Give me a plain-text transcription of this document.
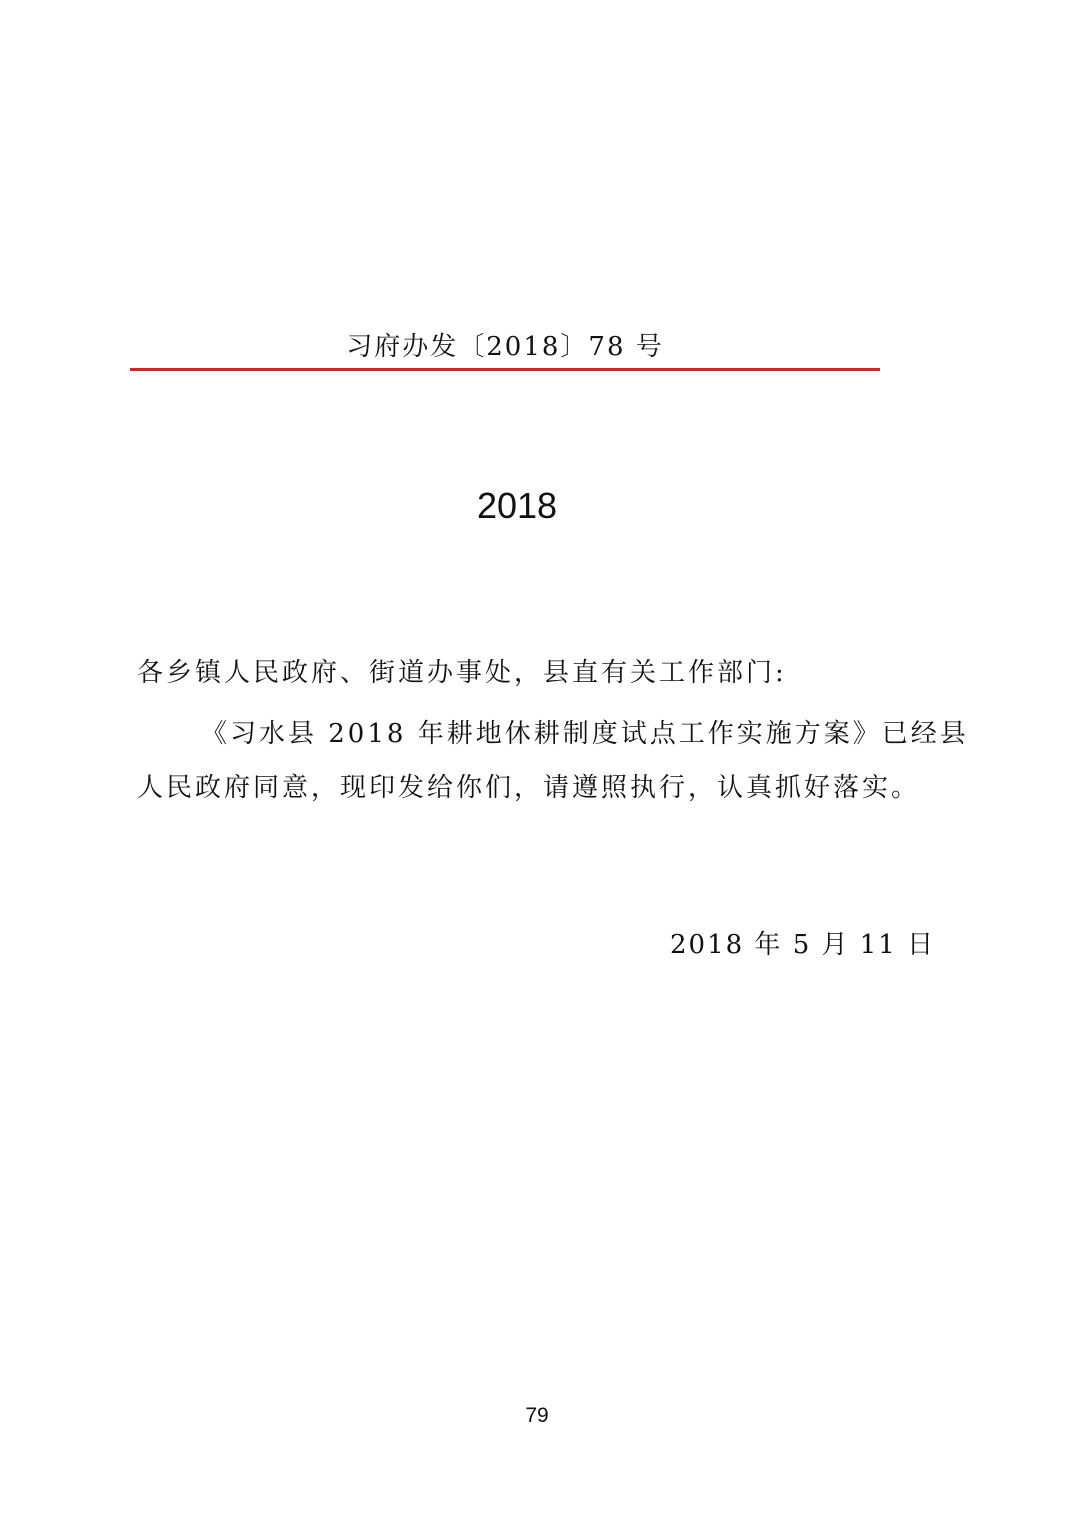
习府办发〔2018〕78 号
2018
各乡镇人民政府、街道办事处，县直有关工作部门:
《习水县 2018 年耕地休耕制度试点工作实施方案》已经县
人民政府同意，现印发给你们，请遵照执行，认真抓好落实。
2018 年 5 月 11 日
79
